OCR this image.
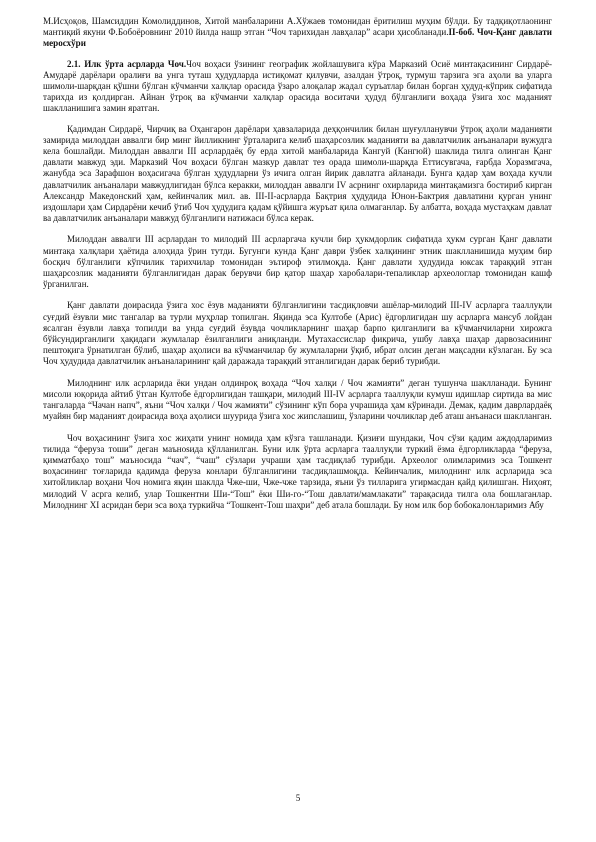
М.Исҳоқов, Шамсиддин Комолиддинов, Хитой манбаларини А.Хўжаев томонидан ёритилиш муҳим бўлди. Бу тадқиқотлаонинг мантиқий якуни Ф.Бобоёровнинг 2010 йилда нашр этган “Чоч тарихидан лавҳалар” асари ҳисобланади.II-боб. Чоч-Қанг давлати меросхўри

2.1. Илк ўрта асрларда Чоч.Чоч воҳаси ўзининг географик жойлашувига кўра Марказий Осиё минтақасининг Сирдарё-Амударё дарёлари оралиғи ва унга туташ ҳудудларда истиқомат қилувчи, азалдан ўтроқ, турмуш тарзига эга аҳоли ва уларга шимоли-шарқдан қўшни бўлган кўчманчи халқлар орасида ўзаро алоқалар жадал суръатлар билан борган ҳудуд-кўприк сифатида тарихда из қолдирган. Айнан ўтроқ ва кўчманчи халқлар орасида воситачи ҳудуд бўлганлиги воҳада ўзига хос маданият шаклланишига замин яратган.

Қадимдан Сирдарё, Чирчиқ ва Оҳангарон дарёлари ҳавзаларида деҳқончилик билан шуғулланувчи ўтроқ аҳоли маданияти замирида милоддан аввалги бир минг йилликнинг ўрталарига келиб шаҳарсозлик маданияти ва давлатчилик анъаналари вужудга кела бошлайди. Милоддан аввалги III асрлардаёқ бу ерда хитой манбаларида Кангуй (Кангюй) шаклида тилга олинган Қанг давлати мавжуд эди. Марказий Чоч воҳаси бўлган мазкур давлат тез орада шимоли-шарқда Еттисувгача, ғарбда Хоразмгача, жанубда эса Зарафшон воҳасигача бўлган ҳудудларни ўз ичига олган йирик давлатга айланади. Бунга қадар ҳам воҳада кучли давлатчилик анъаналари мавжудлигидан бўлса керакки, милоддан аввалги IV асрнинг охирларида минтақамизга бостириб кирган Александр Македонский ҳам, кейинчалик мил. ав. III-II-асрларда Бақтрия ҳудудида Юнон-Бактрия давлатини қурган унинг издошлари ҳам Сирдарёни кечиб ўтиб Чоч ҳудудига қадам қўйишга журъат қила олмаганлар. Бу албатта, воҳада мустаҳкам давлат ва давлатчилик анъаналари мавжуд бўлганлиги натижаси бўлса керак.

Милоддан аввалги III асрлардан то милодий III асрларгача кучли бир ҳукмдорлик сифатида ҳукм сурган Қанг давлати минтақа халқлари ҳаётида алоҳида ўрин тутди. Бугунги кунда Қанг даври ўзбек халқининг этник шаклланишида муҳим бир босқич бўлганлиги кўпчилик тарихчилар томонидан эътироф этилмоқда. Қанг давлати ҳудудида юксак тараққий этган шаҳарсозлик маданияти бўлганлигидан дарак берувчи бир қатор шаҳар харобалари-тепаликлар археологлар томонидан кашф ўрганилган.

Қанг давлати доирасида ўзига хос ёзув маданияти бўлганлигини тасдиқловчи ашёлар-милодий III-IV асрларга тааллуқли суғдий ёзувли мис тангалар ва турли муҳрлар топилган. Яқинда эса Култобе (Арис) ёдгорлигидан шу асрларга мансуб лойдан ясалган ёзувли лавҳа топилди ва унда суғдий ёзувда чочликларнинг шаҳар барпо қилганлиги ва кўчманчиларни хирожга бўйсундирганлиги ҳақидаги жумлалар ёзилганлиги аниқланди. Мутахассислар фикрича, ушбу лавҳа шаҳар дарвозасининг пештоқига ўрнатилган бўлиб, шаҳар аҳолиси ва кўчманчилар бу жумлаларни ўқиб, ибрат олсин деган мақсадни кўзлаган. Бу эса Чоч ҳудудида давлатчилик анъаналарининг қай даражада тараққий этганлигидан дарак бериб турибди.

Милоднинг илк асрларида ёки ундан олдинроқ воҳада “Чоч халқи / Чоч жамияти” деган тушунча шаклланади. Бунинг мисоли юқорида айтиб ўтган Култобе ёдгорлигидан ташқари, милодий III-IV асрларга тааллуқли кумуш идишлар сиртида ва мис тангаларда “Чачан напч”, яъни “Чоч халқи / Чоч жамияти” сўзининг кўп бора учрашида ҳам кўринади. Демак, қадим даврлардаёқ муайян бир маданият доирасида воҳа аҳолиси шуурида ўзига хос жипслашиш, ўзларини чочликлар деб аташ анъанаси шаклланган.

Чоч воҳасининг ўзига хос жиҳати унинг номида ҳам кўзга ташланади. Қизиғи шундаки, Чоч сўзи қадим аждодларимиз тилида “феруза тоши” деган маънosида қўлланилган. Буни илк ўрта асрларга тааллуқли туркий ёзма ёдгорликларда “феруза, қимматбаҳо тош” маъносида “чач”, “чаш” сўзлари учраши ҳам тасдиқлаб турибди. Археолог олимларимиз эса Тошкент воҳасининг тоғларида қадимда феруза конлари бўлганлигини тасдиқлашмоқда. Кейинчалик, милоднинг илк асрларида эса хитойликлар воҳани Чоч номига яқин шаклда Чже-ши, Чже-чже тарзида, яъни ўз тилларига угирмасдан қайд қилишган. Ниҳоят, милодий V асрга келиб, улар Тошкентни Ши-“Тош” ёки Ши-го-“Тош давлати/мамлакати” тарақасида тилга ола бошлаганлар. Милоднинг XI асридан бери эса воҳа туркийча “Тошкент-Тош шаҳри” деб атала бошлади. Бу ном илк бор бобокалонларимиз Абу

5
